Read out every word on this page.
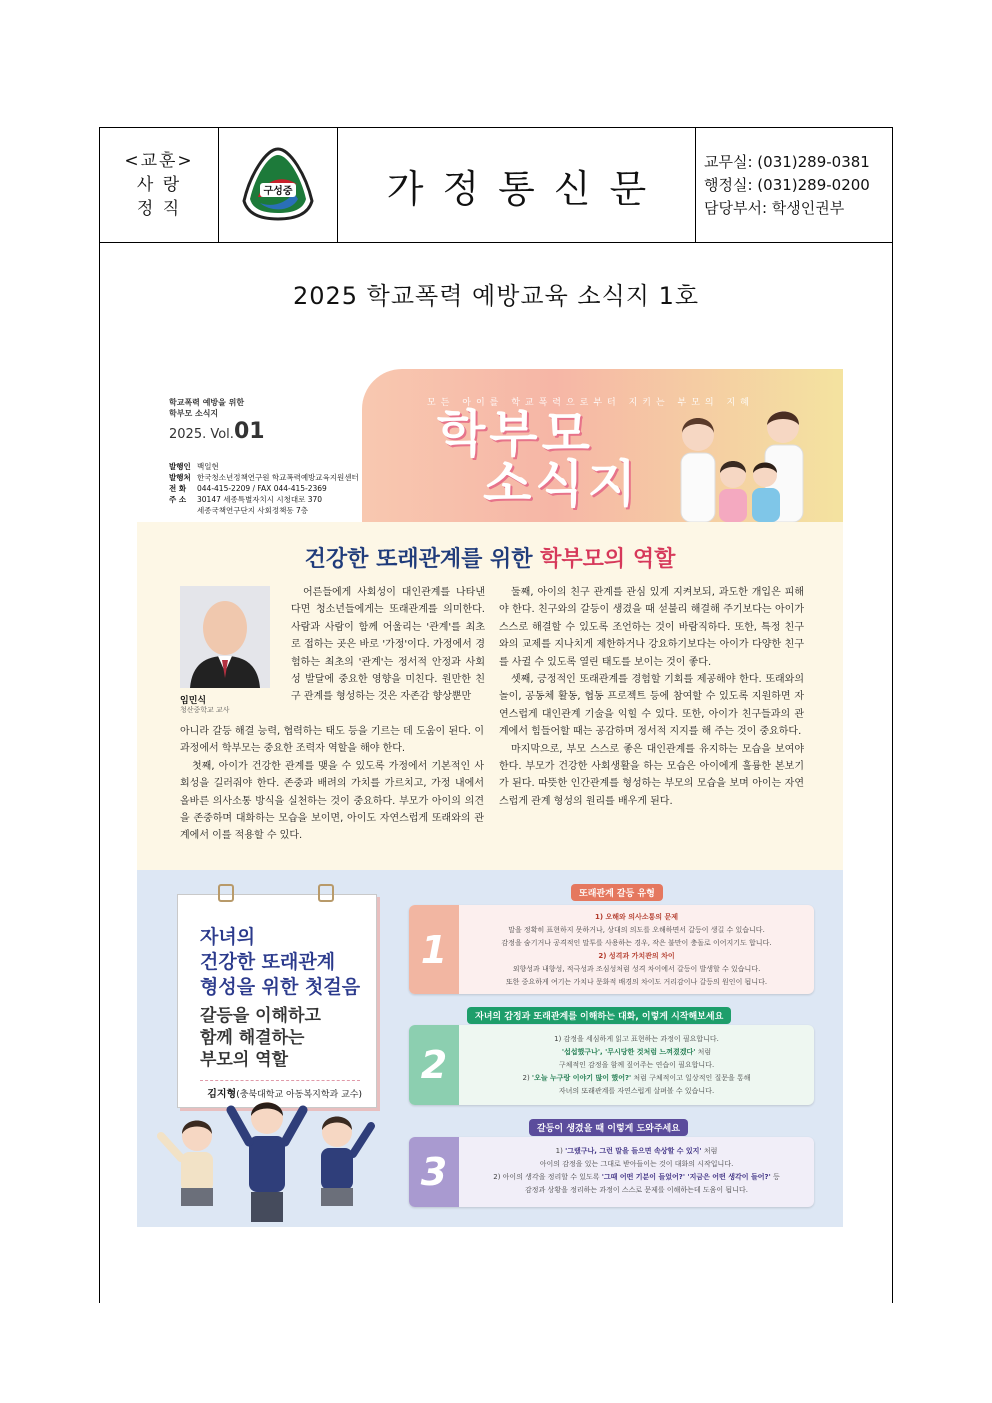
<교훈>
사 랑
정 직
구성중	가정통신문
교무실: (031)289-0381
행정실: (031)289-0200
담당부서: 학생인권부
2025 학교폭력 예방교육 소식지 1호
학교폭력 예방을 위한
학부모 소식지
2025. Vol.01
발행인 백일현
발행처 한국청소년정책연구원 학교폭력예방교육지원센터
전 화	044-415-2209 / FAX 044-415-2369
주 소	30147 세종특별자치시 시청대로 370
세종국책연구단지 사회정책동 7층
모든 아이를 학교폭력으로부터 지키는 부모의 지혜
학부모
소식지
건강한 또래관계를 위한 학부모의 역할
임민식
청산중학교 교사

어른들에게 사회성이 대인관계를 나타낸다면 청소년들에게는 또래관계를 의미한다. 사람과 사람이 함께 어울리는 '관계'를 최초로 접하는 곳은 바로 '가정'이다. 가정에서 경험하는 최초의 '관계'는 정서적 안정과 사회성 발달에 중요한 영향을 미친다. 원만한 친구 관계를 형성하는 것은 자존감 향상뿐만

아니라 갈등 해결 능력, 협력하는 태도 등을 기르는 데 도움이 된다. 이 과정에서 학부모는 중요한 조력자 역할을 해야 한다.

첫째, 아이가 건강한 관계를 맺을 수 있도록 가정에서 기본적인 사회성을 길러줘야 한다. 존중과 배려의 가치를 가르치고, 가정 내에서 올바른 의사소통 방식을 실천하는 것이 중요하다. 부모가 아이의 의견을 존중하며 대화하는 모습을 보이면, 아이도 자연스럽게 또래와의 관계에서 이를 적용할 수 있다.

둘째, 아이의 친구 관계를 관심 있게 지켜보되, 과도한 개입은 피해야 한다. 친구와의 갈등이 생겼을 때 섣불리 해결해 주기보다는 아이가 스스로 해결할 수 있도록 조언하는 것이 바람직하다. 또한, 특정 친구와의 교제를 지나치게 제한하거나 강요하기보다는 아이가 다양한 친구를 사귈 수 있도록 열린 태도를 보이는 것이 좋다.

셋째, 긍정적인 또래관계를 경험할 기회를 제공해야 한다. 또래와의 놀이, 공동체 활동, 협동 프로젝트 등에 참여할 수 있도록 지원하면 자연스럽게 대인관계 기술을 익힐 수 있다. 또한, 아이가 친구들과의 관계에서 힘들어할 때는 공감하며 정서적 지지를 해 주는 것이 중요하다.

마지막으로, 부모 스스로 좋은 대인관계를 유지하는 모습을 보여야 한다. 부모가 건강한 사회생활을 하는 모습은 아이에게 훌륭한 본보기가 된다. 따뜻한 인간관계를 형성하는 부모의 모습을 보며 아이는 자연스럽게 관계 형성의 원리를 배우게 된다.

자녀의
건강한 또래관계
형성을 위한 첫걸음
갈등을 이해하고
함께 해결하는
부모의 역할
김지형(충북대학교 아동복지학과 교수)
또래관계 갈등 유형
1
1) 오해와 의사소통의 문제
말을 정확히 표현하지 못하거나, 상대의 의도를 오해하면서 갈등이 생길 수 있습니다.
감정을 숨기거나 공격적인 말투를 사용하는 경우, 작은 불만이 충돌로 이어지기도 합니다.
2) 성격과 가치관의 차이
외향성과 내향성, 적극성과 조심성처럼 성격 차이에서 갈등이 발생할 수 있습니다.
또한 중요하게 여기는 가치나 문화적 배경의 차이도 거리감이나 갈등의 원인이 됩니다.
자녀의 감정과 또래관계를 이해하는 대화, 이렇게 시작해보세요
2
1) 감정을 세심하게 읽고 표현하는 과정이 필요합니다.
'섭섭했구나', '무시당한 것처럼 느껴졌겠다' 처럼
구체적인 감정을 함께 짚어주는 연습이 필요합니다.
2) '오늘 누구랑 이야기 많이 했어?' 처럼 구체적이고 일상적인 질문을 통해
자녀의 또래관계를 자연스럽게 살펴볼 수 있습니다.
갈등이 생겼을 때 이렇게 도와주세요
3	1) '그랬구나, 그런 말을 들으면 속상할 수 있지' 처럼
아이의 감정을 있는 그대로 받아들이는 것이 대화의 시작입니다.
2) 아이의 생각을 정리할 수 있도록 '그때 어떤 기분이 들었어?' '지금은 어떤 생각이 들어?' 등
감정과 상황을 정리하는 과정이 스스로 문제를 이해하는데 도움이 됩니다.
